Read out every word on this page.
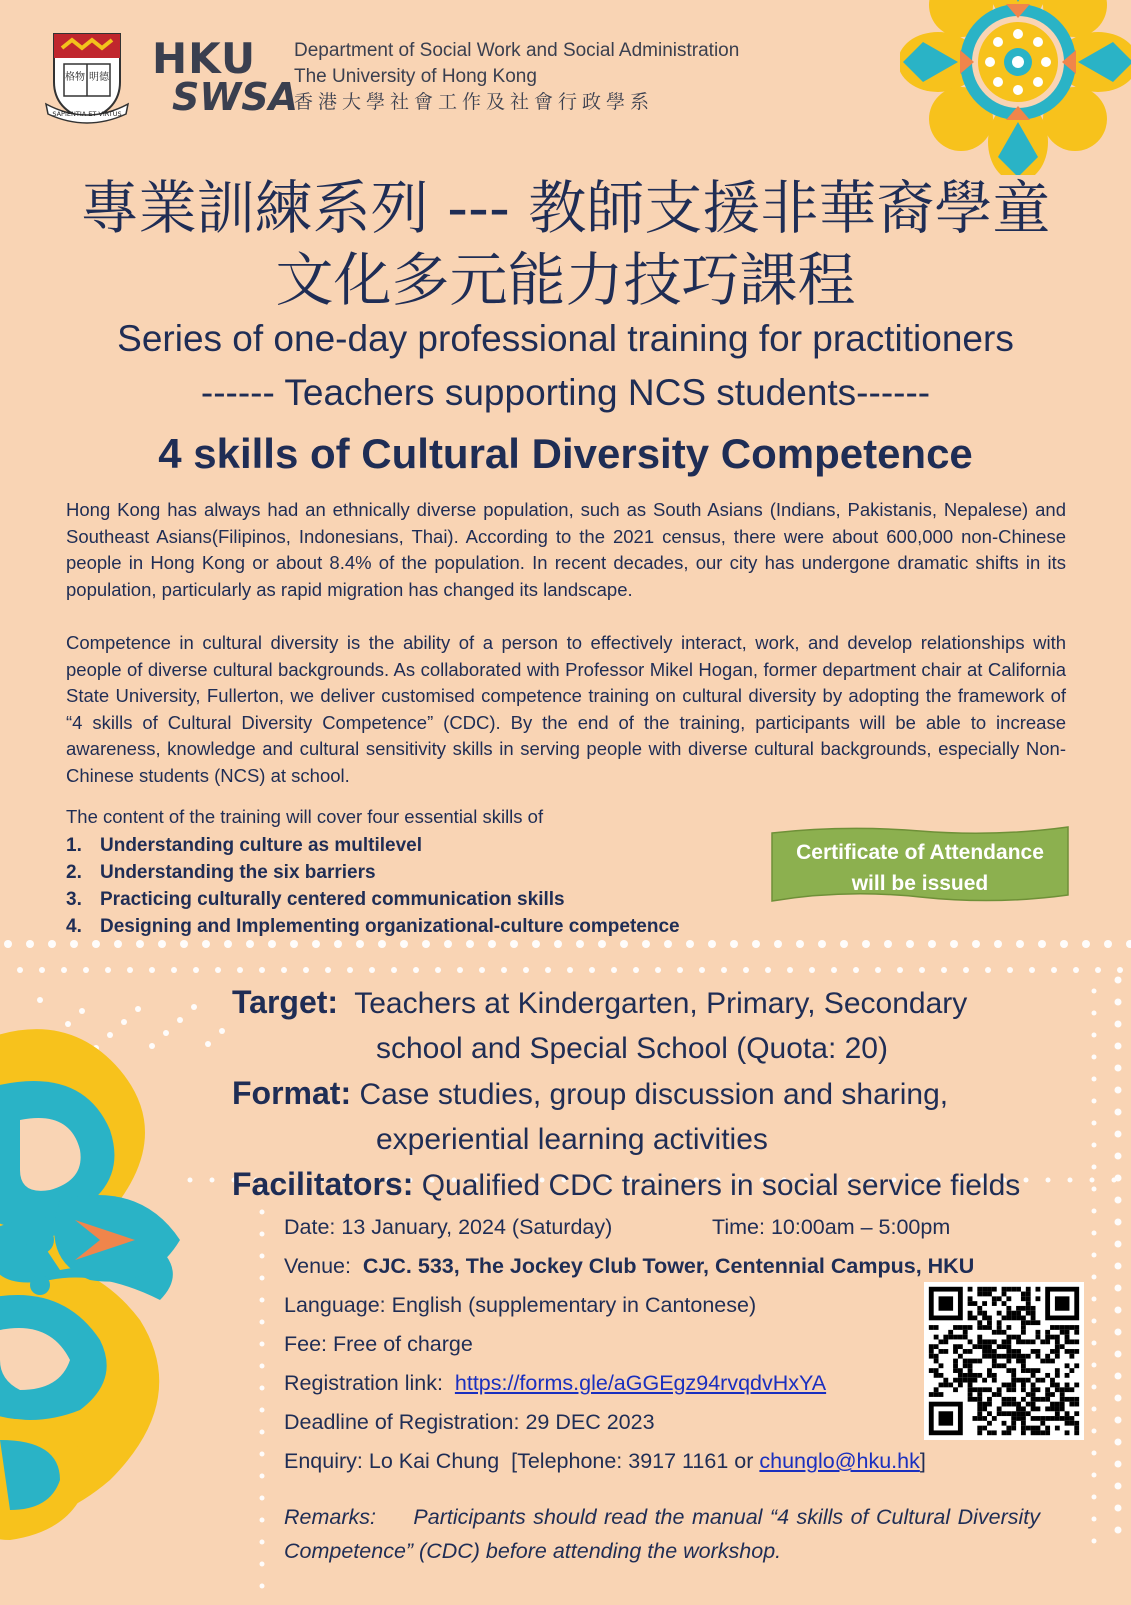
格物 明德
SAPIENTIA ET VIRTUS
HKU
SWSA
Department of Social Work and Social Administration
The University of Hong Kong
香港大學社會工作及社會行政學系
專業訓練系列 --- 教師支援非華裔學童
文化多元能力技巧課程
Series of one-day professional training for practitioners
------ Teachers supporting NCS students------
4 skills of Cultural Diversity Competence
Hong Kong has always had an ethnically diverse population, such as South Asians (Indians, Pakistanis, Nepalese) and Southeast Asians(Filipinos, Indonesians, Thai). According to the 2021 census, there were about 600,000 non-Chinese people in Hong Kong or about 8.4% of the population. In recent decades, our city has undergone dramatic shifts in its population, particularly as rapid migration has changed its landscape.
Competence in cultural diversity is the ability of a person to effectively interact, work, and develop relationships with people of diverse cultural backgrounds. As collaborated with Professor Mikel Hogan, former department chair at California State University, Fullerton, we deliver customised competence training on cultural diversity by adopting the framework of “4 skills of Cultural Diversity Competence” (CDC). By the end of the training, participants will be able to increase awareness, knowledge and cultural sensitivity skills in serving people with diverse cultural backgrounds, especially Non-Chinese students (NCS) at school.
The content of the training will cover four essential skills of
1. Understanding culture as multilevel
2. Understanding the six barriers
3. Practicing culturally centered communication skills
4. Designing and Implementing organizational-culture competence
Certificate of Attendance
will be issued
Target: Teachers at Kindergarten, Primary, Secondary
school and Special School (Quota: 20)
Format: Case studies, group discussion and sharing,
experiential learning activities
Facilitators: Qualified CDC trainers in social service fields
Date: 13 January, 2024 (Saturday)	Time: 10:00am – 5:00pm
Venue: CJC. 533, The Jockey Club Tower, Centennial Campus, HKU
Language: English (supplementary in Cantonese)
Fee: Free of charge
Registration link: https://forms.gle/aGGEgz94rvqdvHxYA
Deadline of Registration: 29 DEC 2023
Enquiry: Lo Kai Chung [Telephone: 3917 1161 or chunglo@hku.hk]
Remarks: Participants should read the manual “4 skills of Cultural Diversity Competence” (CDC) before attending the workshop.
